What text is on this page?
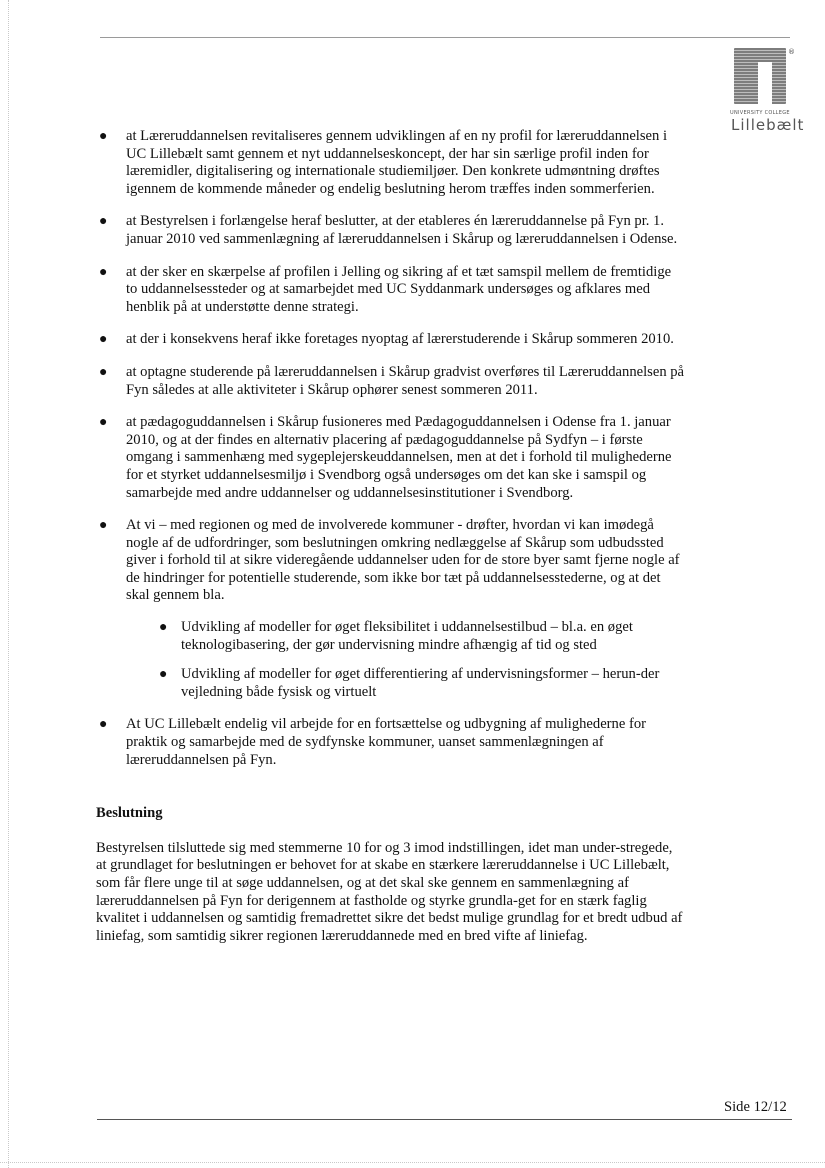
®
UNIVERSITY COLLEGE
Lillebælt
● at Læreruddannelsen revitaliseres gennem udviklingen af en ny profil for læreruddannelsen i UC Lillebælt samt gennem et nyt uddannelseskoncept, der har sin særlige profil inden for læremidler, digitalisering og internationale studiemiljøer. Den konkrete udmøntning drøftes igennem de kommende måneder og endelig beslutning herom træffes inden sommerferien.
● at Bestyrelsen i forlængelse heraf beslutter, at der etableres én læreruddannelse på Fyn pr. 1. januar 2010 ved sammenlægning af læreruddannelsen i Skårup og læreruddannelsen i Odense.
● at der sker en skærpelse af profilen i Jelling og sikring af et tæt samspil mellem de fremtidige to uddannelsessteder og at samarbejdet med UC Syddanmark undersøges og afklares med henblik på at understøtte denne strategi.
● at der i konsekvens heraf ikke foretages nyoptag af lærerstuderende i Skårup sommeren 2010.
● at optagne studerende på læreruddannelsen i Skårup gradvist overføres til Læreruddannelsen på Fyn således at alle aktiviteter i Skårup ophører senest sommeren 2011.
● at pædagoguddannelsen i Skårup fusioneres med Pædagoguddannelsen i Odense fra 1. januar 2010, og at der findes en alternativ placering af pædagoguddannelse på Sydfyn – i første omgang i sammenhæng med sygeplejerskeuddannelsen, men at det i forhold til mulighederne for et styrket uddannelsesmiljø i Svendborg også undersøges om det kan ske i samspil og samarbejde med andre uddannelser og uddannelsesinstitutioner i Svendborg.
● At vi – med regionen og med de involverede kommuner - drøfter, hvordan vi kan imødegå nogle af de udfordringer, som beslutningen omkring nedlæggelse af Skårup som udbudssted giver i forhold til at sikre videregående uddannelser uden for de store byer samt fjerne nogle af de hindringer for potentielle studerende, som ikke bor tæt på uddannelsesstederne, og at det skal gennem bla.
● Udvikling af modeller for øget fleksibilitet i uddannelsestilbud – bl.a. en øget teknologibasering, der gør undervisning mindre afhængig af tid og sted
● Udvikling af modeller for øget differentiering af undervisningsformer – herun-der vejledning både fysisk og virtuelt
● At UC Lillebælt endelig vil arbejde for en fortsættelse og udbygning af mulighederne for praktik og samarbejde med de sydfynske kommuner, uanset sammenlægningen af læreruddannelsen på Fyn.
Beslutning

Bestyrelsen tilsluttede sig med stemmerne 10 for og 3 imod indstillingen, idet man under-stregede, at grundlaget for beslutningen er behovet for at skabe en stærkere læreruddannelse i UC Lillebælt, som får flere unge til at søge uddannelsen, og at det skal ske gennem en sammenlægning af læreruddannelsen på Fyn for derigennem at fastholde og styrke grundla-get for en stærk faglig kvalitet i uddannelsen og samtidig fremadrettet sikre det bedst mulige grundlag for et bredt udbud af liniefag, som samtidig sikrer regionen læreruddannede med en bred vifte af liniefag.

Side 12/12
